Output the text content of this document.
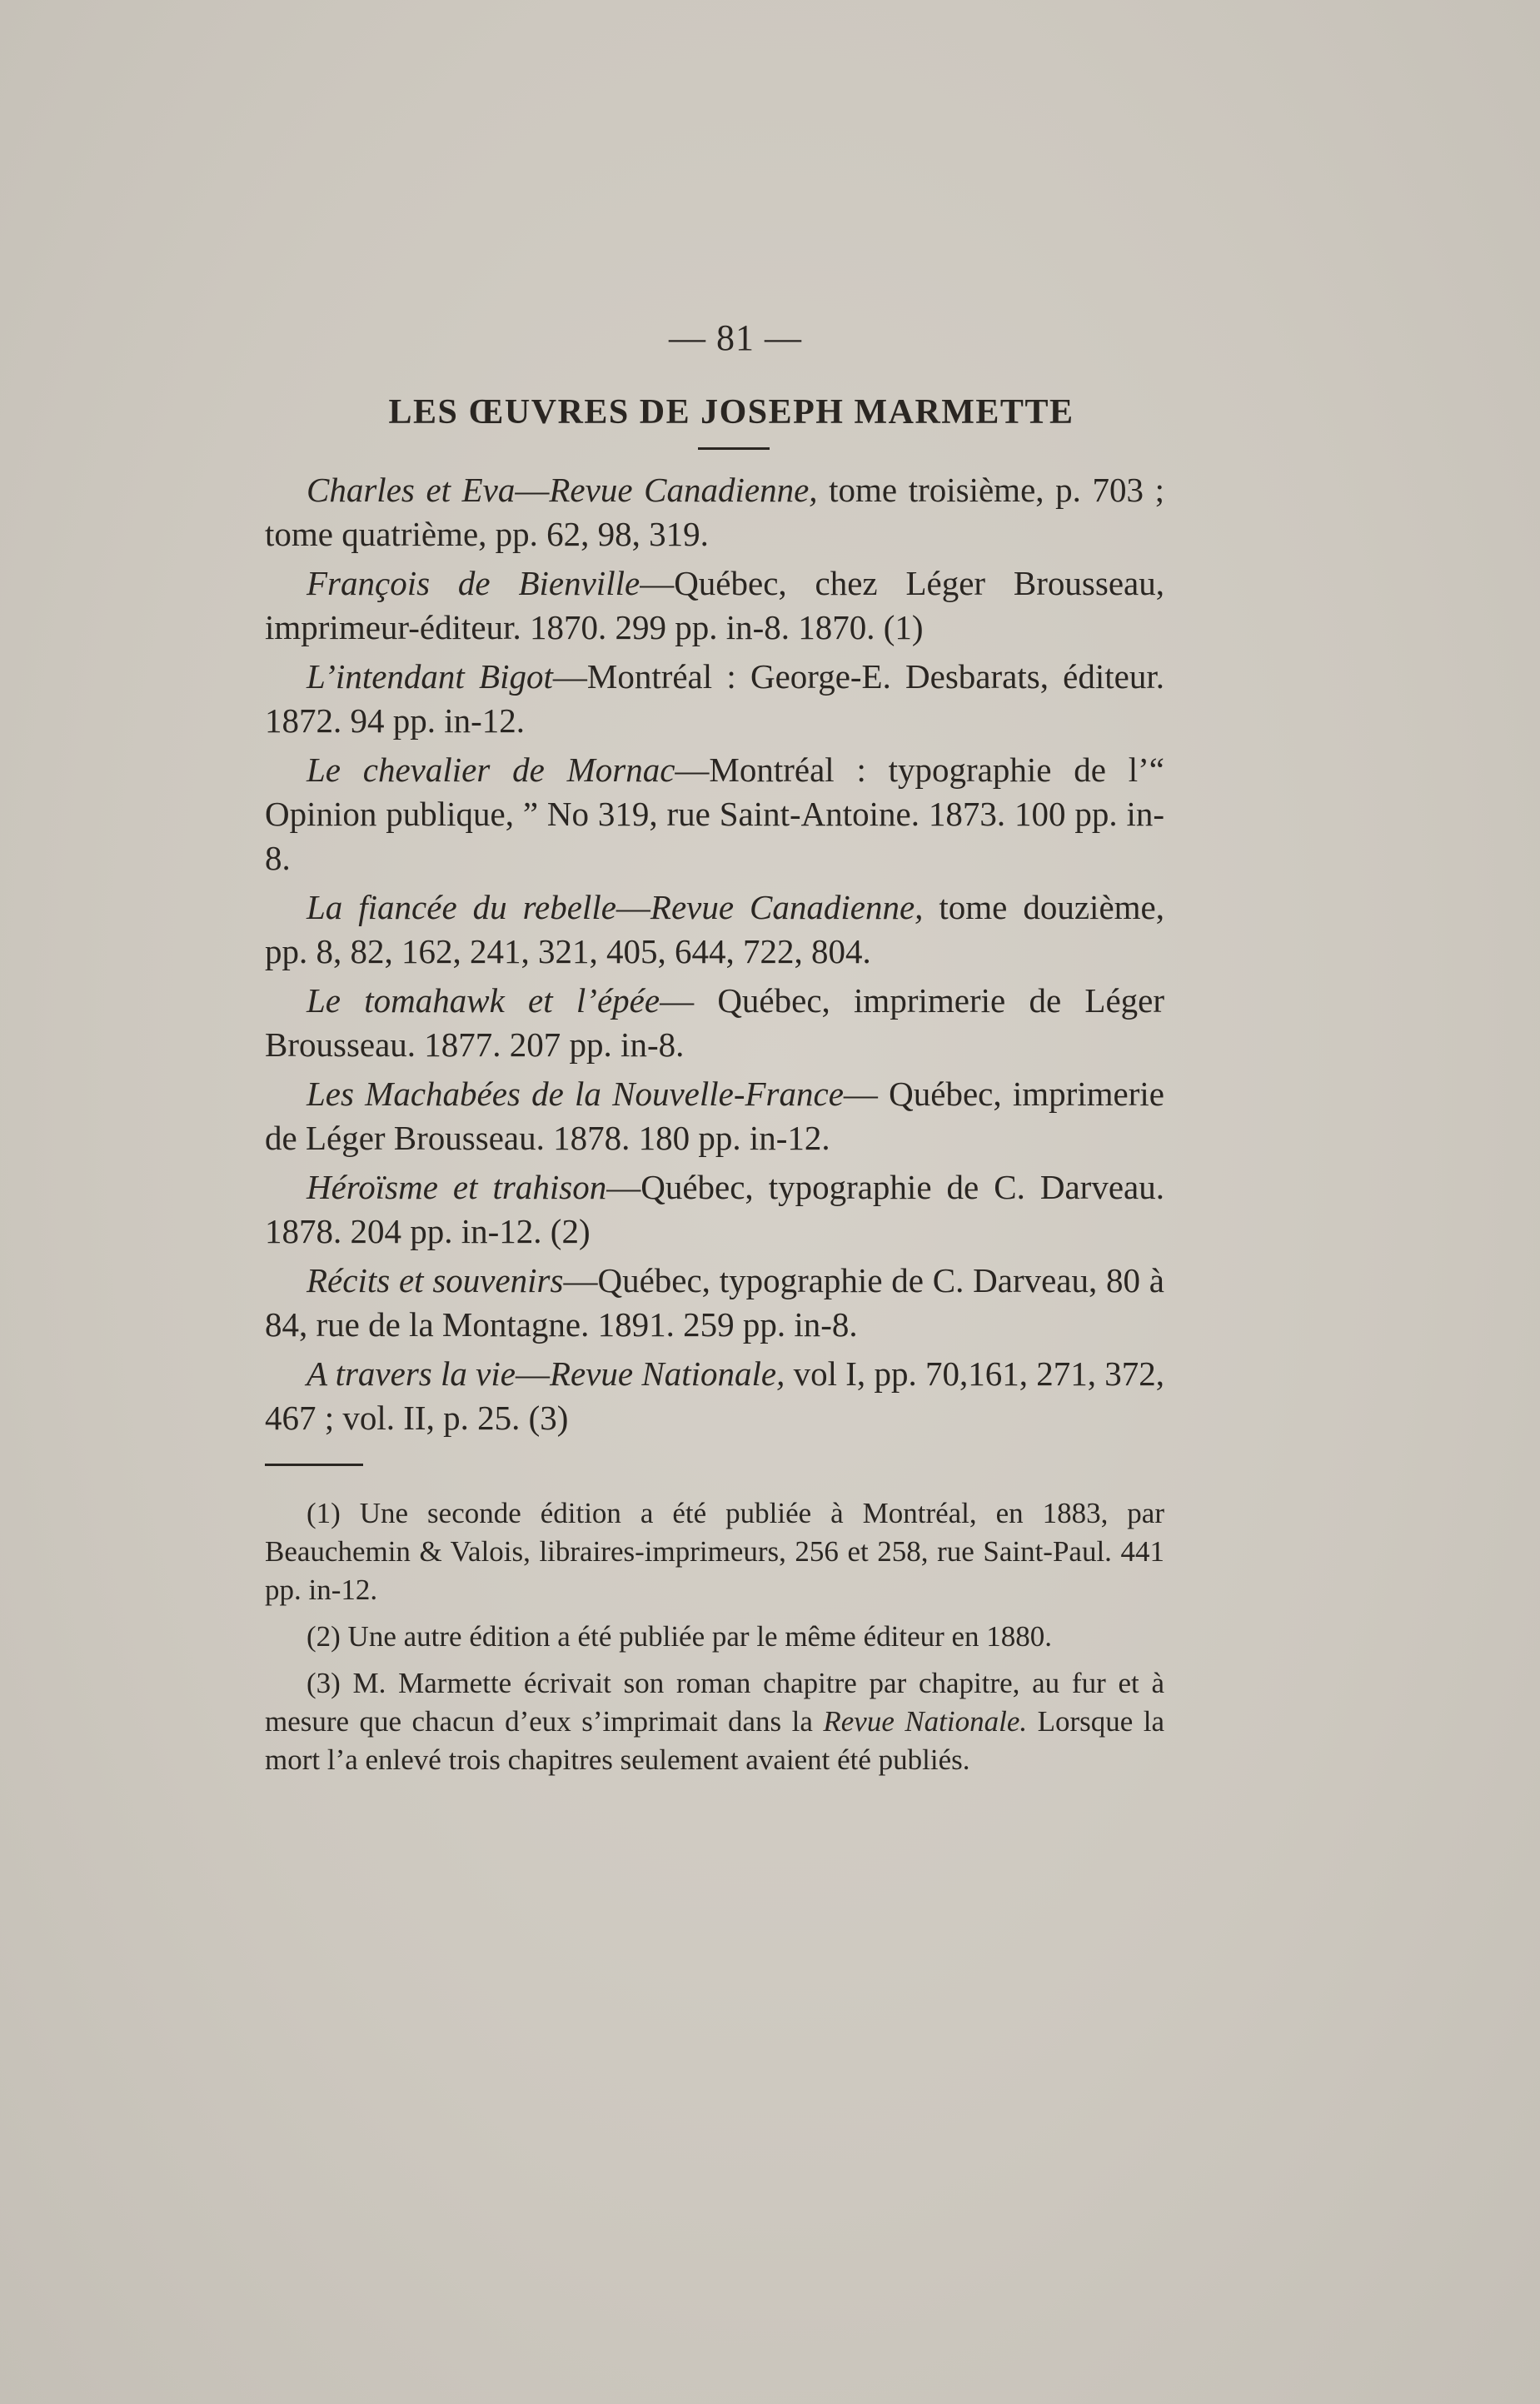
— 81 —
LES ŒUVRES DE JOSEPH MARMETTE

Charles et Eva—Revue Canadienne, tome troisième, p. 703 ; tome quatrième, pp. 62, 98, 319.

François de Bienville—Québec, chez Léger Brousseau, imprimeur-éditeur. 1870. 299 pp. in-8. 1870. (1)

L’intendant Bigot—Montréal : George-E. Desbarats, éditeur. 1872. 94 pp. in-12.

Le chevalier de Mornac—Montréal : typographie de l’“ Opinion publique, ” No 319, rue Saint-Antoine. 1873. 100 pp. in-8.

La fiancée du rebelle—Revue Canadienne, tome douzième, pp. 8, 82, 162, 241, 321, 405, 644, 722, 804.

Le tomahawk et l’épée— Québec, imprimerie de Léger Brousseau. 1877. 207 pp. in-8.

Les Machabées de la Nouvelle-France— Québec, imprimerie de Léger Brousseau. 1878. 180 pp. in-12.

Héroïsme et trahison—Québec, typographie de C. Darveau. 1878. 204 pp. in-12. (2)

Récits et souvenirs—Québec, typographie de C. Darveau, 80 à 84, rue de la Montagne. 1891. 259 pp. in-8.

A travers la vie—Revue Nationale, vol I, pp. 70,161, 271, 372, 467 ; vol. II, p. 25. (3)

(1) Une seconde édition a été publiée à Montréal, en 1883, par Beauchemin & Valois, libraires-imprimeurs, 256 et 258, rue Saint-Paul. 441 pp. in-12.

(2) Une autre édition a été publiée par le même éditeur en 1880.

(3) M. Marmette écrivait son roman chapitre par chapitre, au fur et à mesure que chacun d’eux s’imprimait dans la Revue Nationale. Lorsque la mort l’a enlevé trois chapitres seulement avaient été publiés.
